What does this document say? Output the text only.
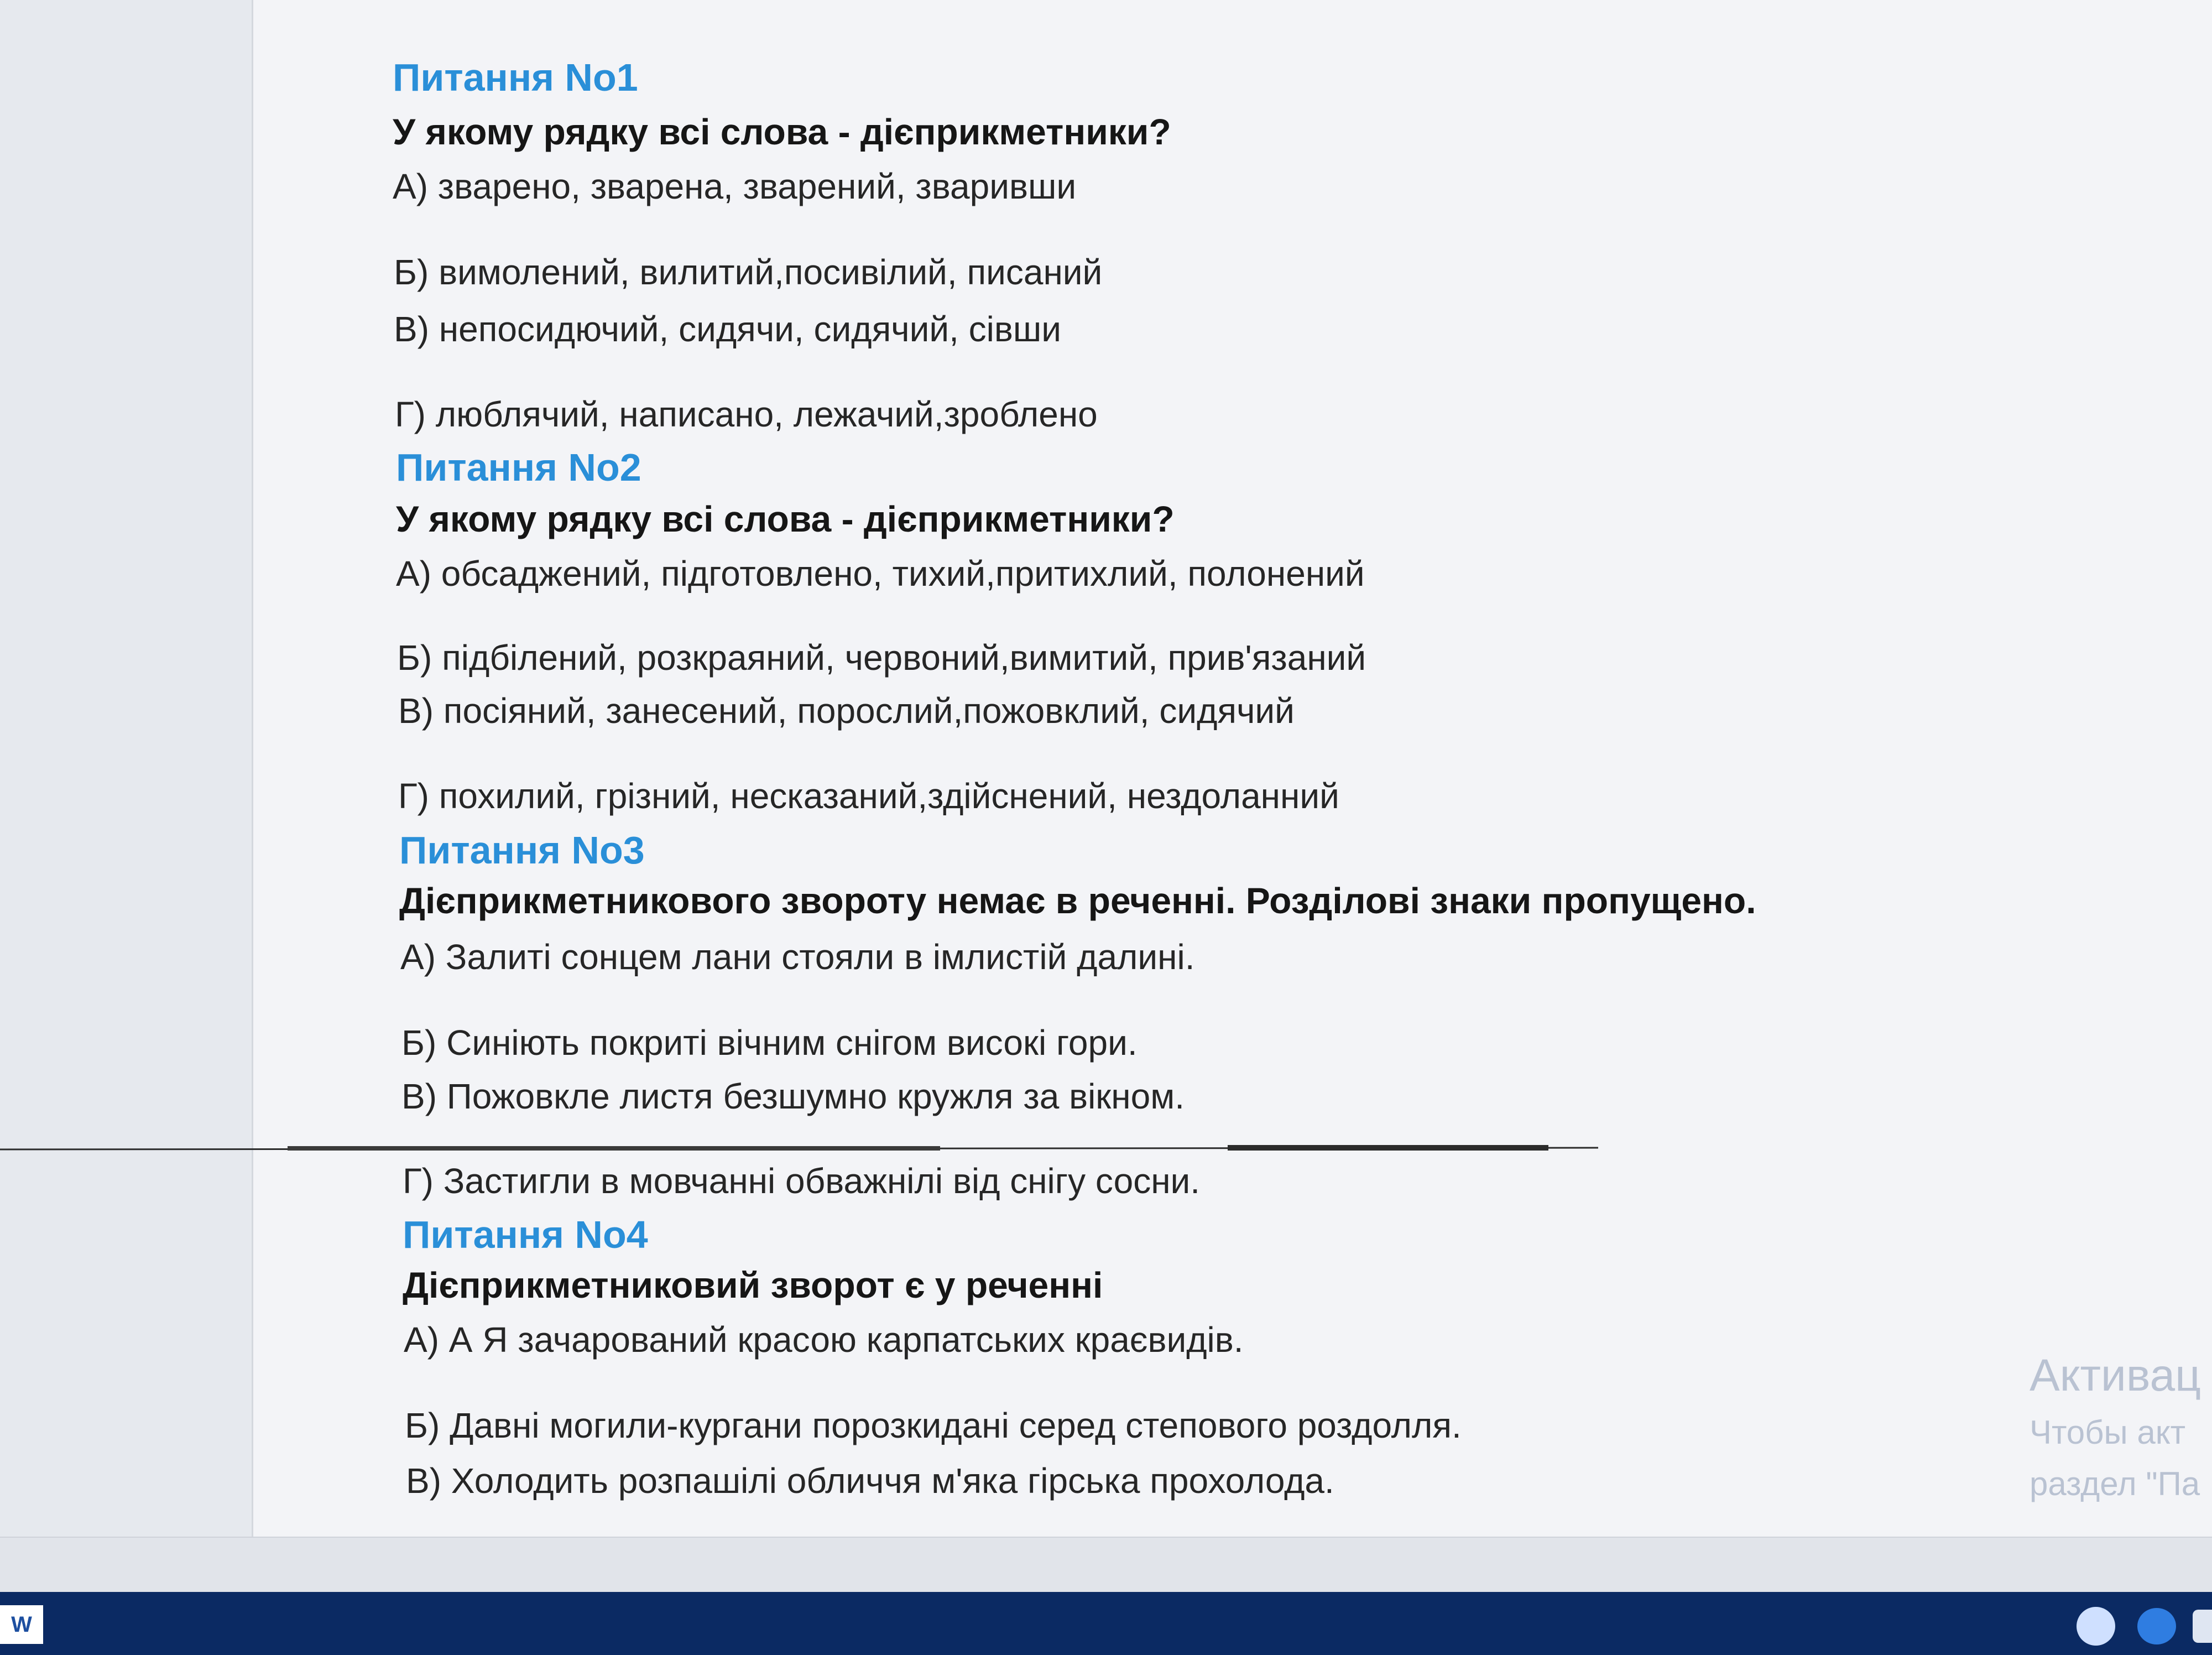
Питання No1
У якому рядку всі слова - дієприкметники?
А) зварено, зварена, зварений, зваривши
Б) вимолений, вилитий,посивілий, писаний
В) непосидючий, сидячи, сидячий, сівши
Г) люблячий, написано, лежачий,зроблено
Питання No2
У якому рядку всі слова - дієприкметники?
А) обсаджений, підготовлено, тихий,притихлий, полонений
Б) підбілений, розкраяний, червоний,вимитий, прив'язаний
В) посіяний, занесений, порослий,пожовклий, сидячий
Г) похилий, грізний, несказаний,здійснений, нездоланний
Питання No3
Дієприкметникового звороту немає в реченні. Розділові знаки пропущено.
А) Залиті сонцем лани стояли в імлистій далині.
Б) Синіють покриті вічним снігом високі гори.
В) Пожовкле листя безшумно кружля за вікном.
Г) Застигли в мовчанні обважнілі від снігу сосни.
Питання No4
Дієприкметниковий зворот є у реченні
А) А Я зачарований красою карпатських краєвидів.
Б) Давні могили-кургани порозкидані серед степового роздолля.
В) Холодить розпашілі обличчя м'яка гірська прохолода.
Активац
Чтобы акт
раздел "Па
W
